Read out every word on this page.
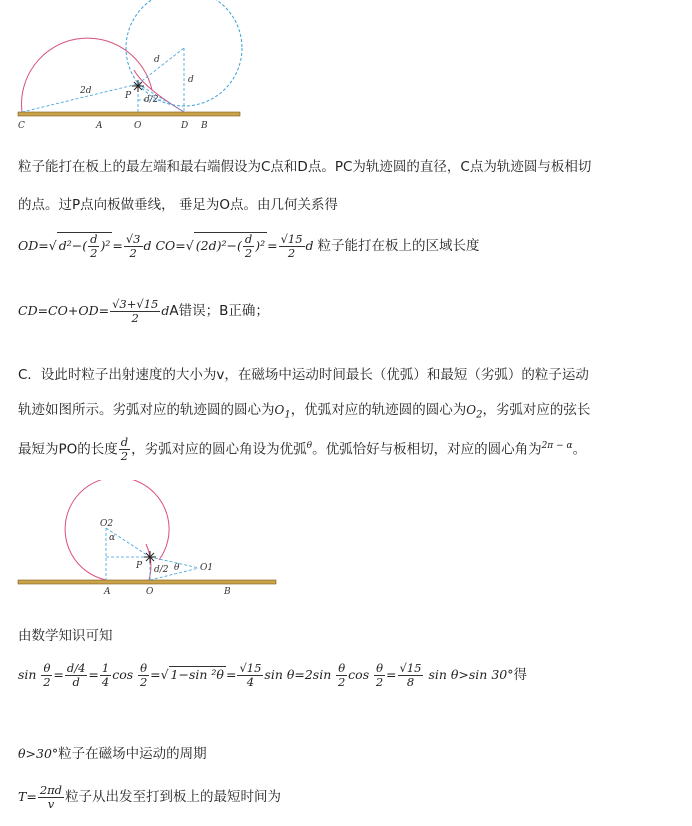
C	A	O	D B
P
2d
d
d
d/2
粒子能打在板上的最左端和最右端假设为C点和D点。PC为轨迹圆的直径，C点为轨迹圆与板相切
的点。过P点向板做垂线， 垂足为O点。由几何关系得
OD=√ $d^2-( \frac{d}{2} )^2 = \frac{√3}{2}$ d CO=√ $(2d)^2-( \frac{d}{2} )^2 = \frac{√15}{2}$ d 粒子能打在板上的区域长度
$CD=CO+OD= \frac{√3+√15}{2}$ dA错误；B正确；
C．设此时粒子出射速度的大小为v，在磁场中运动时间最长（优弧）和最短（劣弧）的粒子运动
轨迹如图所示。劣弧对应的轨迹圆的圆心为$O_1$，优弧对应的轨迹圆的圆心为$O_2$，劣弧对应的弦长
最短为PO的长度 $\frac{d}{2}$ ，劣弧对应的圆心角设为优弧$^\theta$。优弧恰好与板相切，对应的圆心角为$^{2\pi - \alpha}$。
A	O	B
O2
O1
P
α
θ
d/2
由数学知识可知
$\sin \frac{\theta}{2} = \frac{d/4}{d} = \frac{1}{4}$ $\cos \frac{\theta}{2}$ =√ 1−sin $^2\theta = \frac{√15}{4}$ $\sin \theta=2\sin \frac{\theta}{2}$ $\cos \frac{\theta}{2} = \frac{√15}{8}$ sin θ>sin 30°得
θ>30°粒子在磁场中运动的周期
$T= \frac{2\pi d}{v}$ 粒子从出发至打到板上的最短时间为
